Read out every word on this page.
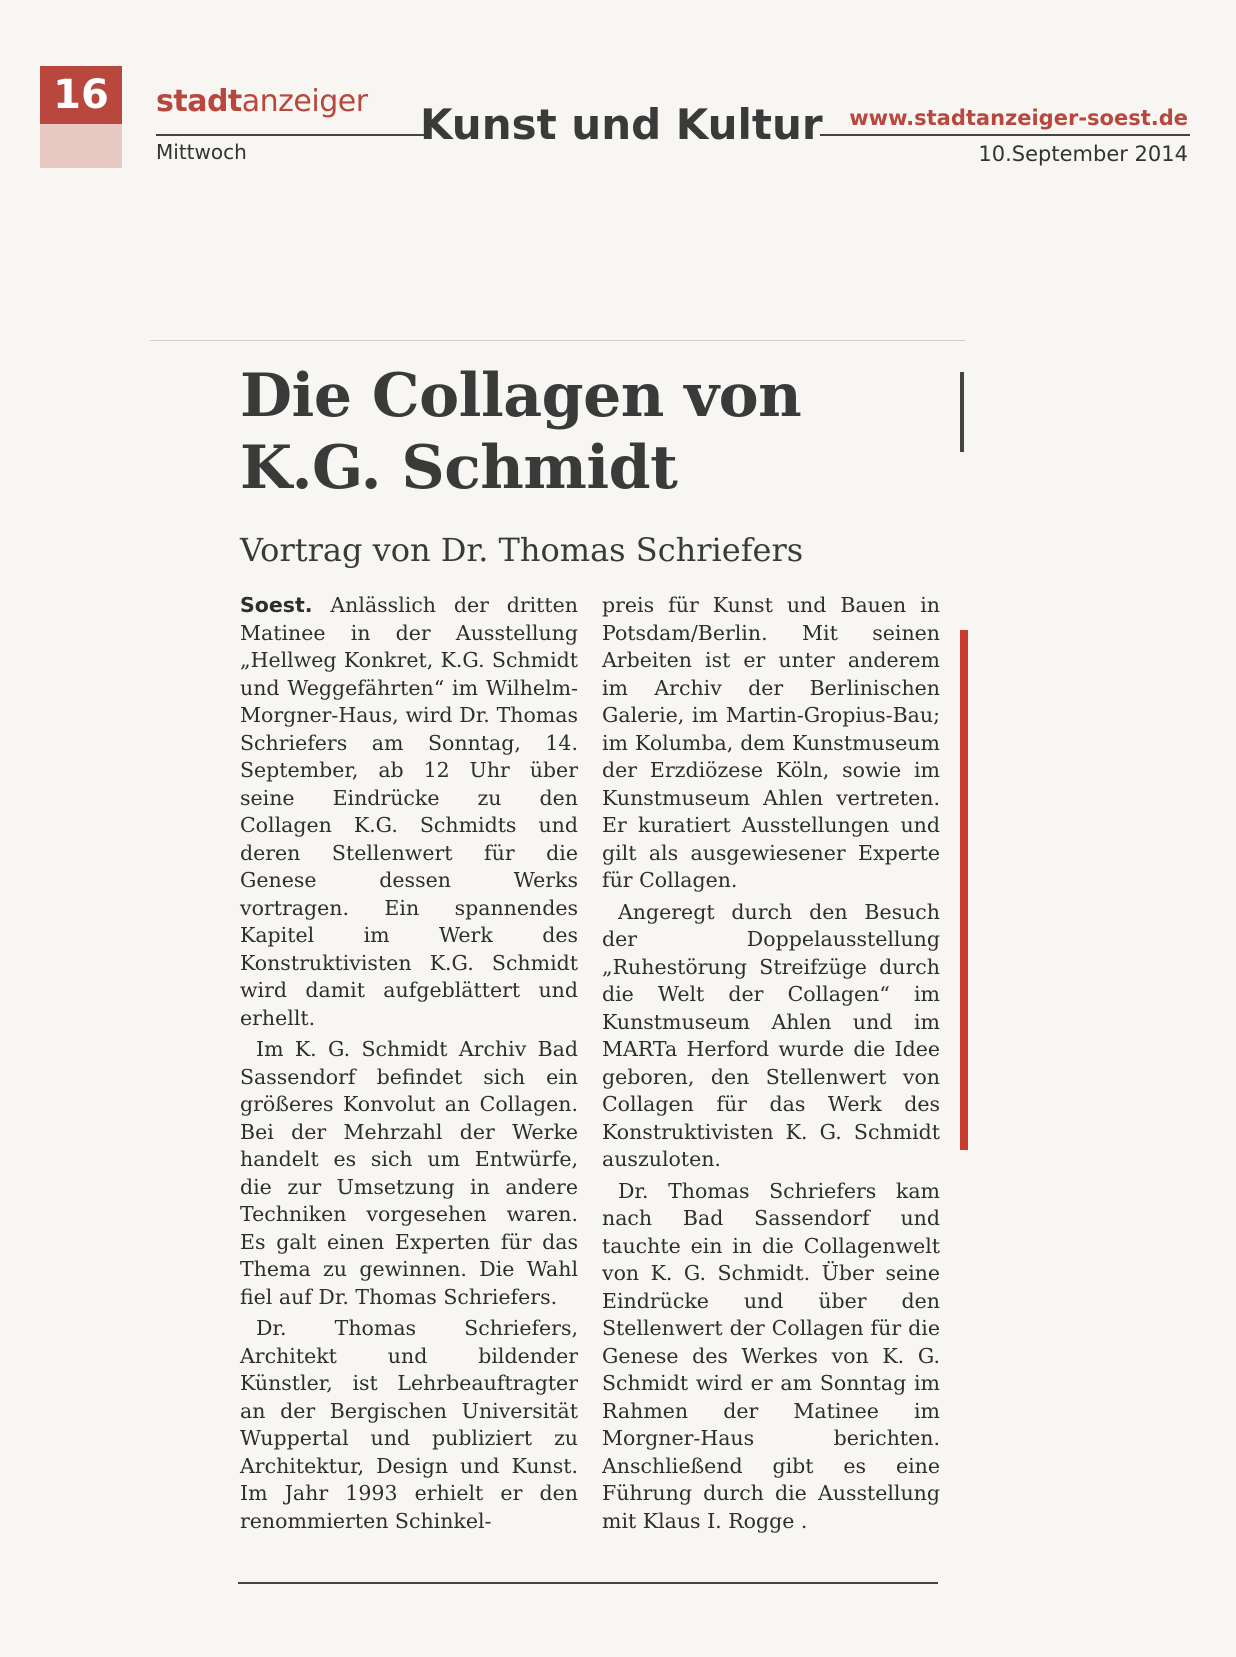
16	stadtanzeiger
Mittwoch
Kunst und Kultur www.stadtanzeiger-soest.de
10.September 2014
Die Collagen von
K.G. Schmidt
Vortrag von Dr. Thomas Schriefers

Soest. Anlässlich der dritten Matinee in der Ausstellung „Hellweg Konkret, K.G. Schmidt und Weggefährten“ im Wilhelm-Morgner-Haus, wird Dr. Thomas Schriefers am Sonntag, 14. September, ab 12 Uhr über seine Eindrücke zu den Collagen K.G. Schmidts und deren Stellenwert für die Genese dessen Werks vortragen. Ein spannendes Kapitel im Werk des Konstruktivisten K.G. Schmidt wird damit aufgeblättert und erhellt.

Im K. G. Schmidt Archiv Bad Sassendorf befindet sich ein größeres Konvolut an Collagen. Bei der Mehrzahl der Werke handelt es sich um Entwürfe, die zur Umsetzung in andere Techniken vorgesehen waren. Es galt einen Experten für das Thema zu gewinnen. Die Wahl fiel auf Dr. Thomas Schriefers.

Dr. Thomas Schriefers, Architekt und bildender Künstler, ist Lehrbeauftragter an der Bergischen Universität Wuppertal und publiziert zu Architektur, Design und Kunst. Im Jahr 1993 erhielt er den renommierten Schinkel-

preis für Kunst und Bauen in Potsdam/Berlin. Mit seinen Arbeiten ist er unter anderem im Archiv der Berlinischen Galerie, im Martin-Gropius-Bau; im Kolumba, dem Kunstmuseum der Erzdiözese Köln, sowie im Kunstmuseum Ahlen vertreten. Er kuratiert Ausstellungen und gilt als ausgewiesener Experte für Collagen.

Angeregt durch den Besuch der Doppelausstellung „Ruhestörung Streifzüge durch die Welt der Collagen“ im Kunstmuseum Ahlen und im MARTa Herford wurde die Idee geboren, den Stellenwert von Collagen für das Werk des Konstruktivisten K. G. Schmidt auszuloten.

Dr. Thomas Schriefers kam nach Bad Sassendorf und tauchte ein in die Collagenwelt von K. G. Schmidt. Über seine Eindrücke und über den Stellenwert der Collagen für die Genese des Werkes von K. G. Schmidt wird er am Sonntag im Rahmen der Matinee im Morgner-Haus berichten. Anschließend gibt es eine Führung durch die Ausstellung mit Klaus I. Rogge .
